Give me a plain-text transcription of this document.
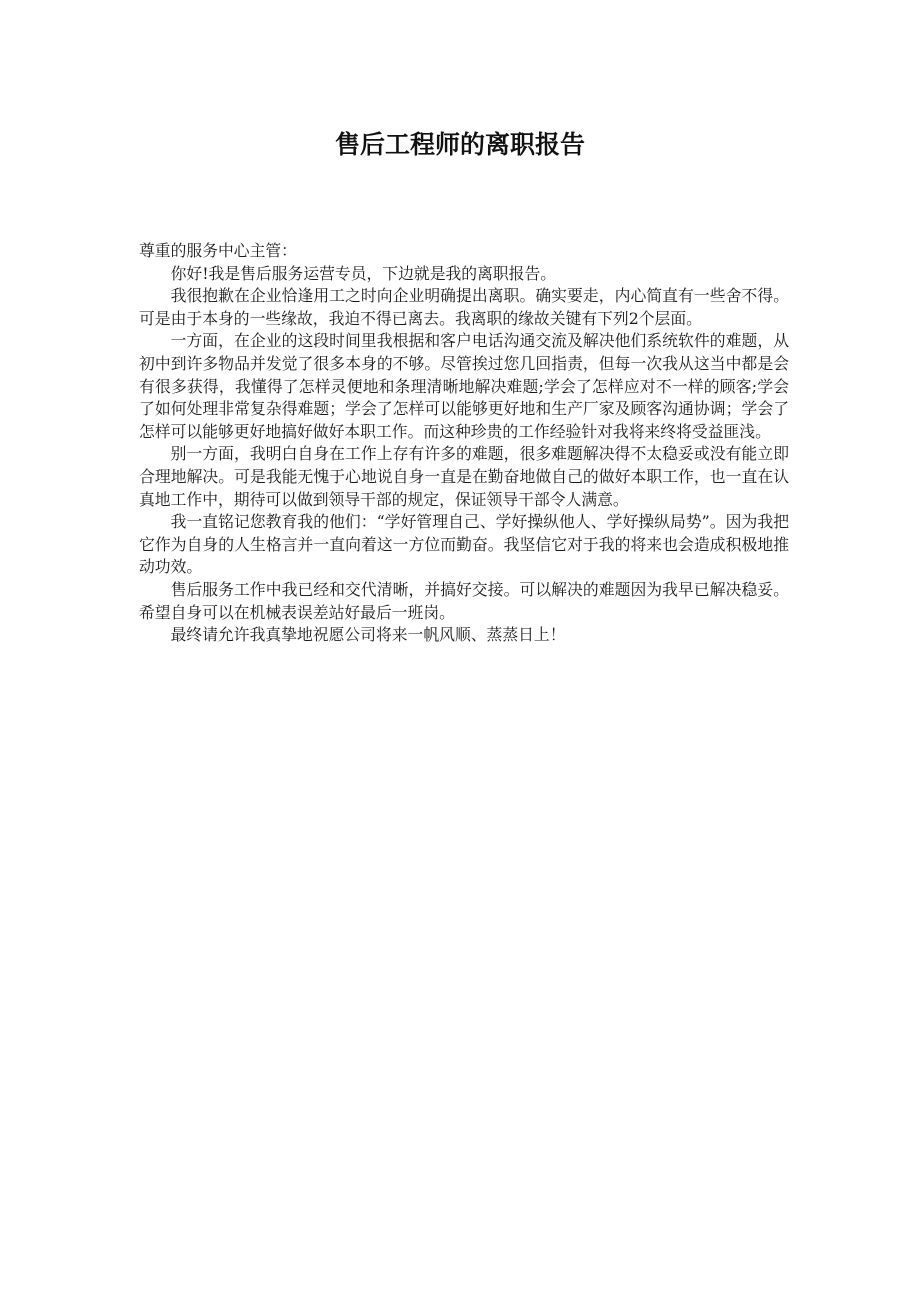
售后工程师的离职报告

尊重的服务中心主管：

你好!我是售后服务运营专员，下边就是我的离职报告。

我很抱歉在企业恰逢用工之时向企业明确提出离职。确实要走，内心简直有一些舍不得。可是由于本身的一些缘故，我迫不得已离去。我离职的缘故关键有下列2个层面。

一方面，在企业的这段时间里我根据和客户电话沟通交流及解决他们系统软件的难题，从初中到许多物品并发觉了很多本身的不够。尽管挨过您几回指责，但每一次我从这当中都是会有很多获得，我懂得了怎样灵便地和条理清晰地解决难题;学会了怎样应对不一样的顾客;学会了如何处理非常复杂得难题；学会了怎样可以能够更好地和生产厂家及顾客沟通协调；学会了怎样可以能够更好地搞好做好本职工作。而这种珍贵的工作经验针对我将来终将受益匪浅。

别一方面，我明白自身在工作上存有许多的难题，很多难题解决得不太稳妥或没有能立即合理地解决。可是我能无愧于心地说自身一直是在勤奋地做自己的做好本职工作，也一直在认真地工作中，期待可以做到领导干部的规定，保证领导干部令人满意。

我一直铭记您教育我的他们：“学好管理自己、学好操纵他人、学好操纵局势”。因为我把它作为自身的人生格言并一直向着这一方位而勤奋。我坚信它对于我的将来也会造成积极地推动功效。

售后服务工作中我已经和交代清晰，并搞好交接。可以解决的难题因为我早已解决稳妥。希望自身可以在机械表误差站好最后一班岗。

最终请允许我真挚地祝愿公司将来一帆风顺、蒸蒸日上！
